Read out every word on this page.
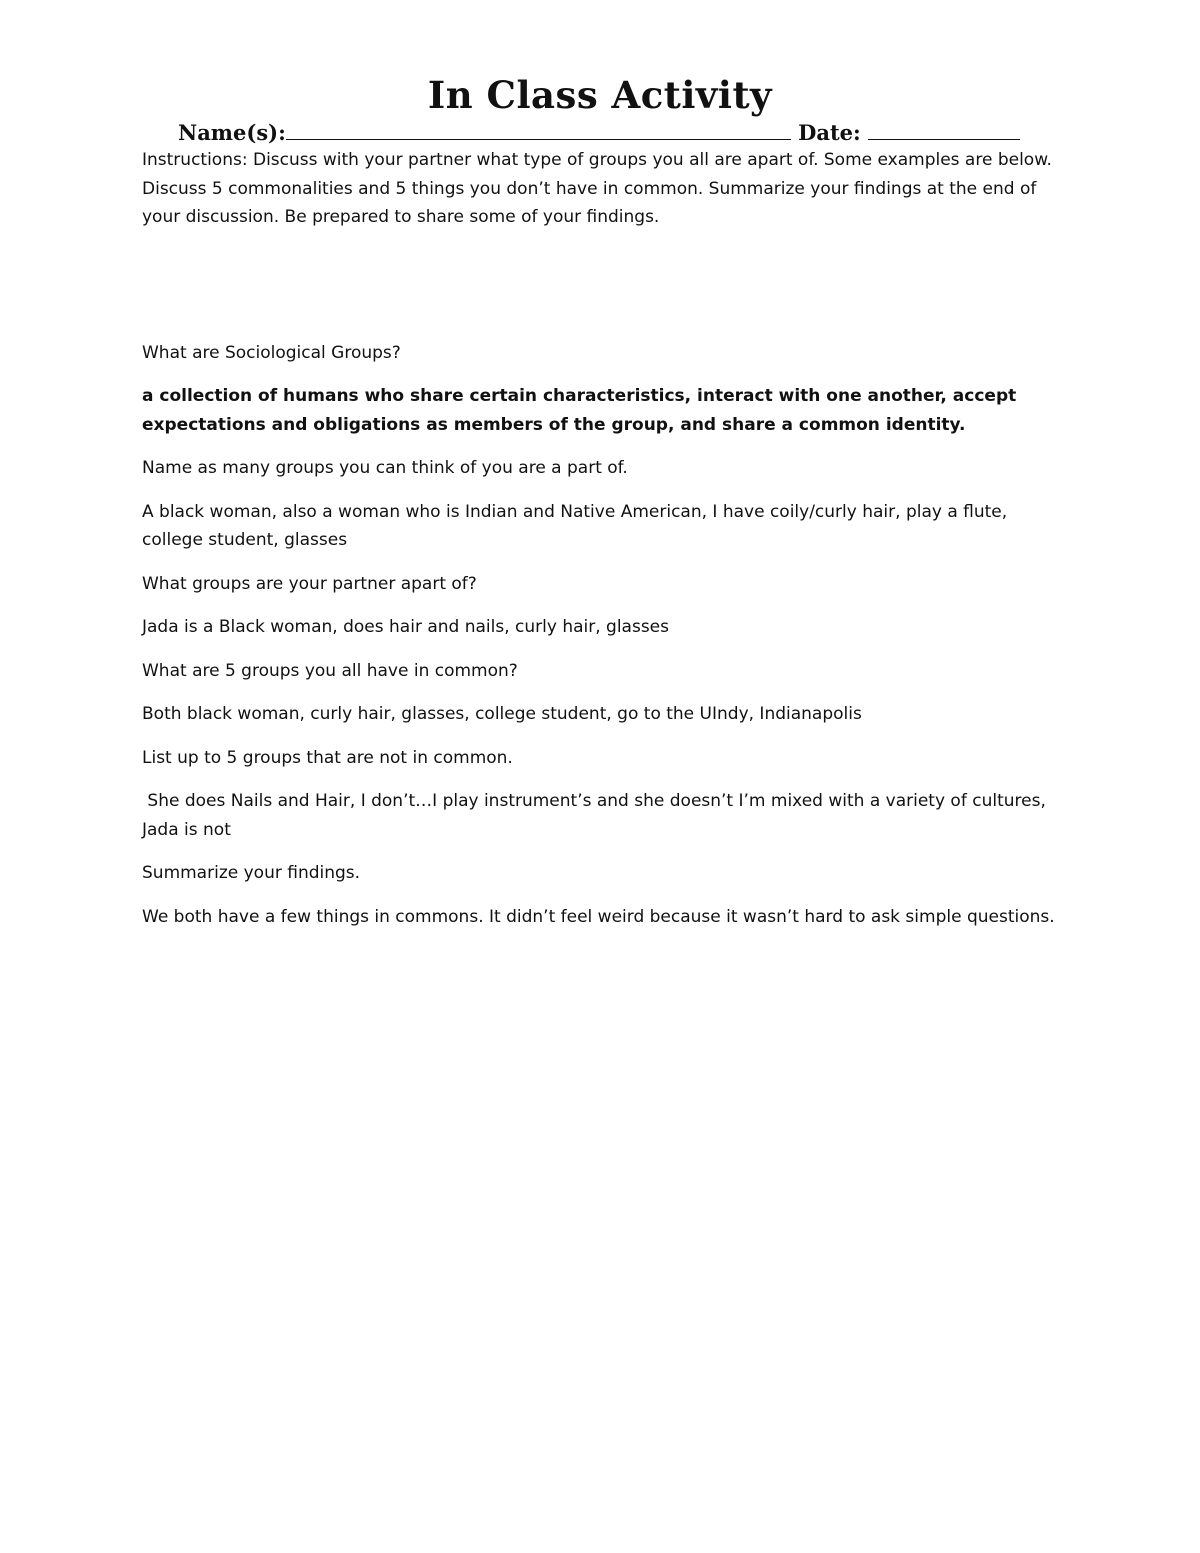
In Class Activity
Name(s):	Date:

Instructions: Discuss with your partner what type of groups you all are apart of. Some examples are below. Discuss 5 commonalities and 5 things you don’t have in common. Summarize your findings at the end of your discussion. Be prepared to share some of your findings.

What are Sociological Groups?

a collection of humans who share certain characteristics, interact with one another, accept expectations and obligations as members of the group, and share a common identity.

Name as many groups you can think of you are a part of.

A black woman, also a woman who is Indian and Native American, I have coily/curly hair, play a flute, college student, glasses

What groups are your partner apart of?

Jada is a Black woman, does hair and nails, curly hair, glasses

What are 5 groups you all have in common?

Both black woman, curly hair, glasses, college student, go to the UIndy, Indianapolis

List up to 5 groups that are not in common.

She does Nails and Hair, I don’t…I play instrument’s and she doesn’t I’m mixed with a variety of cultures, Jada is not

Summarize your findings.

We both have a few things in commons. It didn’t feel weird because it wasn’t hard to ask simple questions.
